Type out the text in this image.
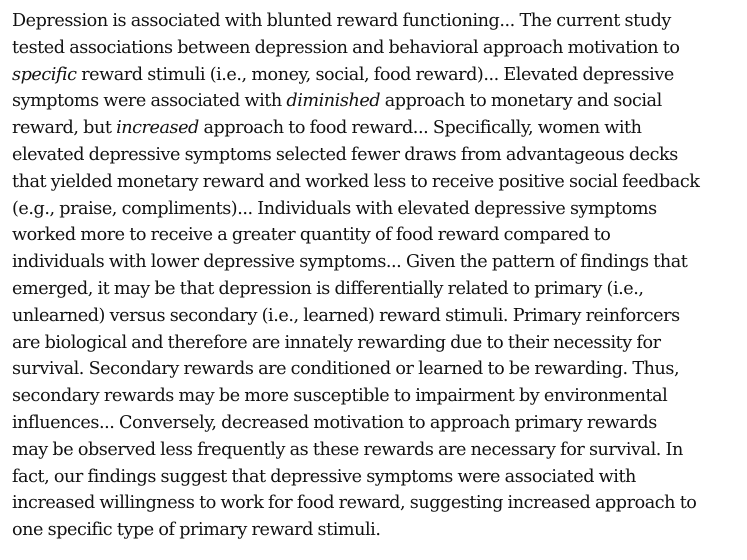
Depression is associated with blunted reward functioning... The current study
tested associations between depression and behavioral approach motivation to
specific reward stimuli (i.e., money, social, food reward)... Elevated depressive
symptoms were associated with diminished approach to monetary and social
reward, but increased approach to food reward... Specifically, women with
elevated depressive symptoms selected fewer draws from advantageous decks
that yielded monetary reward and worked less to receive positive social feedback
(e.g., praise, compliments)... Individuals with elevated depressive symptoms
worked more to receive a greater quantity of food reward compared to
individuals with lower depressive symptoms... Given the pattern of findings that
emerged, it may be that depression is differentially related to primary (i.e.,
unlearned) versus secondary (i.e., learned) reward stimuli. Primary reinforcers
are biological and therefore are innately rewarding due to their necessity for
survival. Secondary rewards are conditioned or learned to be rewarding. Thus,
secondary rewards may be more susceptible to impairment by environmental
influences... Conversely, decreased motivation to approach primary rewards
may be observed less frequently as these rewards are necessary for survival. In
fact, our findings suggest that depressive symptoms were associated with
increased willingness to work for food reward, suggesting increased approach to
one specific type of primary reward stimuli.
